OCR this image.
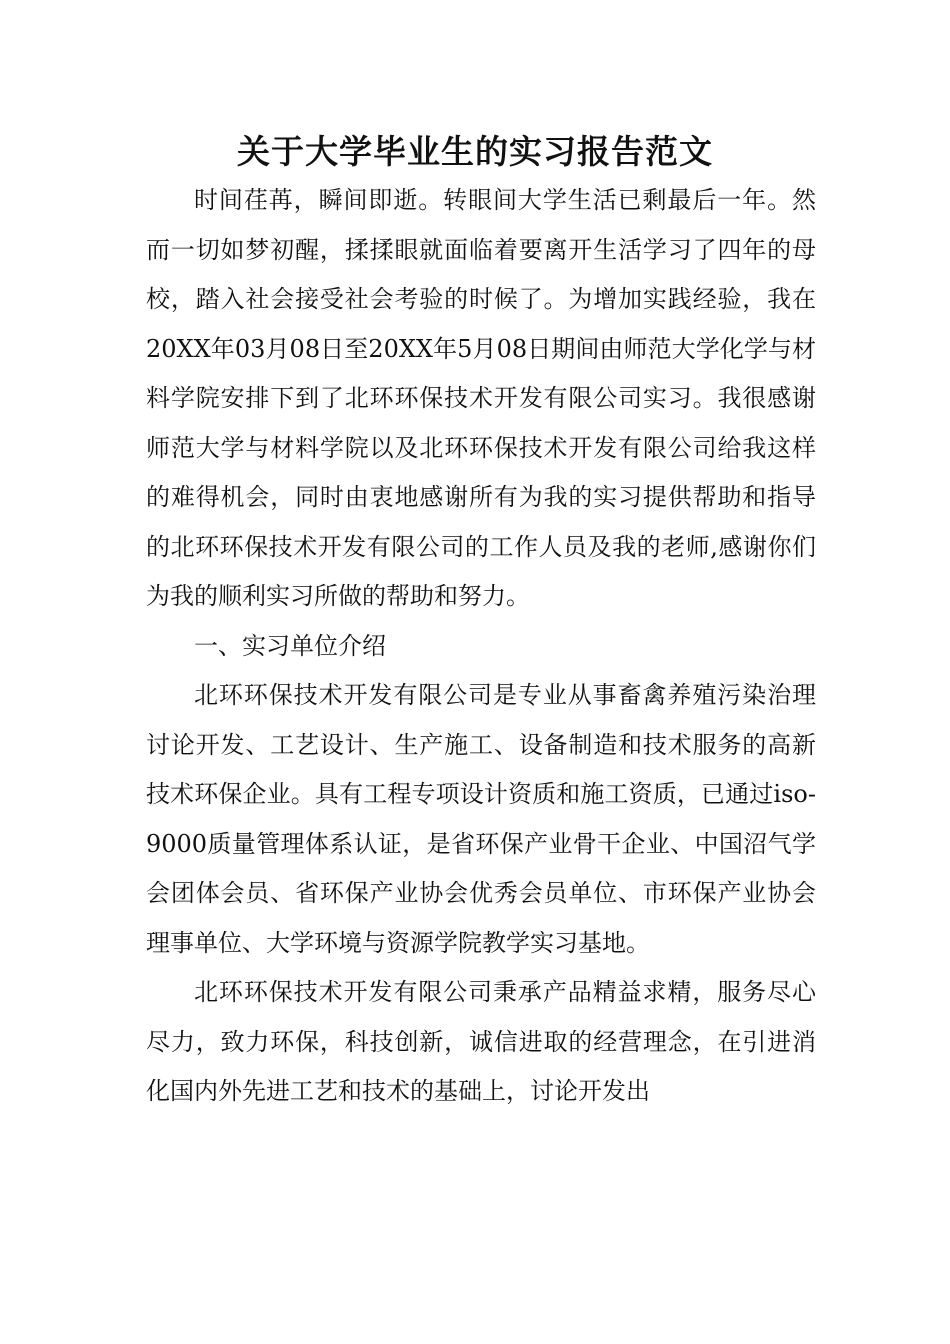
关于大学毕业生的实习报告范文

时间荏苒，瞬间即逝。转眼间大学生活已剩最后一年。然而一切如梦初醒，揉揉眼就面临着要离开生活学习了四年的母校，踏入社会接受社会考验的时候了。为增加实践经验，我在20XX年03月08日至20XX年5月08日期间由师范大学化学与材料学院安排下到了北环环保技术开发有限公司实习。我很感谢师范大学与材料学院以及北环环保技术开发有限公司给我这样的难得机会，同时由衷地感谢所有为我的实习提供帮助和指导的北环环保技术开发有限公司的工作人员及我的老师,感谢你们为我的顺利实习所做的帮助和努力。

一、实习单位介绍

北环环保技术开发有限公司是专业从事畜禽养殖污染治理讨论开发、工艺设计、生产施工、设备制造和技术服务的高新技术环保企业。具有工程专项设计资质和施工资质，已通过iso-9000质量管理体系认证，是省环保产业骨干企业、中国沼气学会团体会员、省环保产业协会优秀会员单位、市环保产业协会理事单位、大学环境与资源学院教学实习基地。

北环环保技术开发有限公司秉承产品精益求精，服务尽心尽力，致力环保，科技创新，诚信进取的经营理念，在引进消化国内外先进工艺和技术的基础上，讨论开发出
